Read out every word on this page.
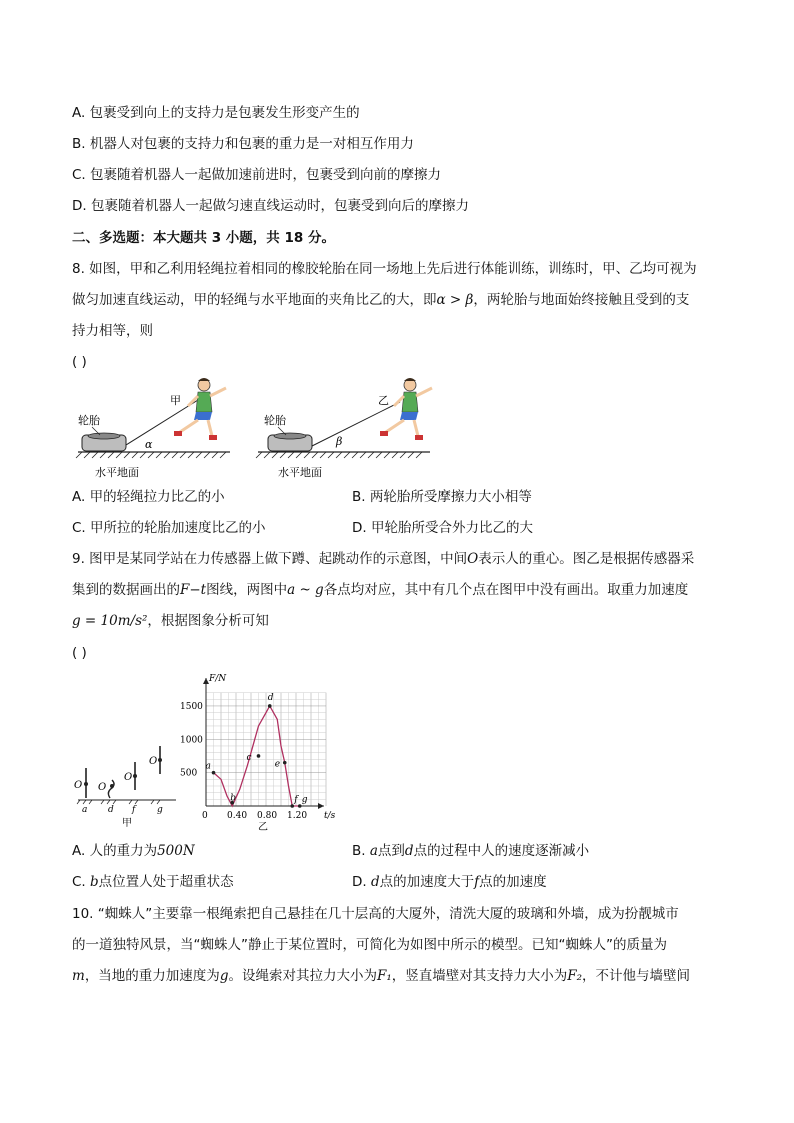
A. 包裹受到向上的支持力是包裹发生形变产生的
B. 机器人对包裹的支持力和包裹的重力是一对相互作用力
C. 包裹随着机器人一起做加速前进时，包裹受到向前的摩擦力
D. 包裹随着机器人一起做匀速直线运动时，包裹受到向后的摩擦力
二、多选题：本大题共 3 小题，共 18 分。
8. 如图，甲和乙利用轻绳拉着相同的橡胶轮胎在同一场地上先后进行体能训练，训练时，甲、乙均可视为
做匀加速直线运动，甲的轻绳与水平地面的夹角比乙的大，即α > β，两轮胎与地面始终接触且受到的支
持力相等，则
( )
α
轮胎
甲
水平地面
β
轮胎
乙
水平地面
A. 甲的轻绳拉力比乙的小	B. 两轮胎所受摩擦力大小相等
C. 甲所拉的轮胎加速度比乙的小	D. 甲轮胎所受合外力比乙的大
9. 图甲是某同学站在力传感器上做下蹲、起跳动作的示意图，中间O表示人的重心。图乙是根据传感器采
集到的数据画出的F−t图线，两图中a ~ g各点均对应，其中有几个点在图甲中没有画出。取重力加速度
g = 10m/s²，根据图象分析可知
( )
O O
O
O
a d f g
甲
F/N
t/s
0
1500
1000
500
0.40 0.80 1.20
a
b
c
d
e
f g
乙
A. 人的重力为500N	B. a点到d点的过程中人的速度逐渐减小
C. b点位置人处于超重状态	D. d点的加速度大于f点的加速度
10. “蜘蛛人”主要靠一根绳索把自己悬挂在几十层高的大厦外，清洗大厦的玻璃和外墙，成为扮靓城市
的一道独特风景，当“蜘蛛人”静止于某位置时，可简化为如图中所示的模型。已知“蜘蛛人”的质量为
m，当地的重力加速度为g。设绳索对其拉力大小为F₁，竖直墙壁对其支持力大小为F₂，不计他与墙壁间
